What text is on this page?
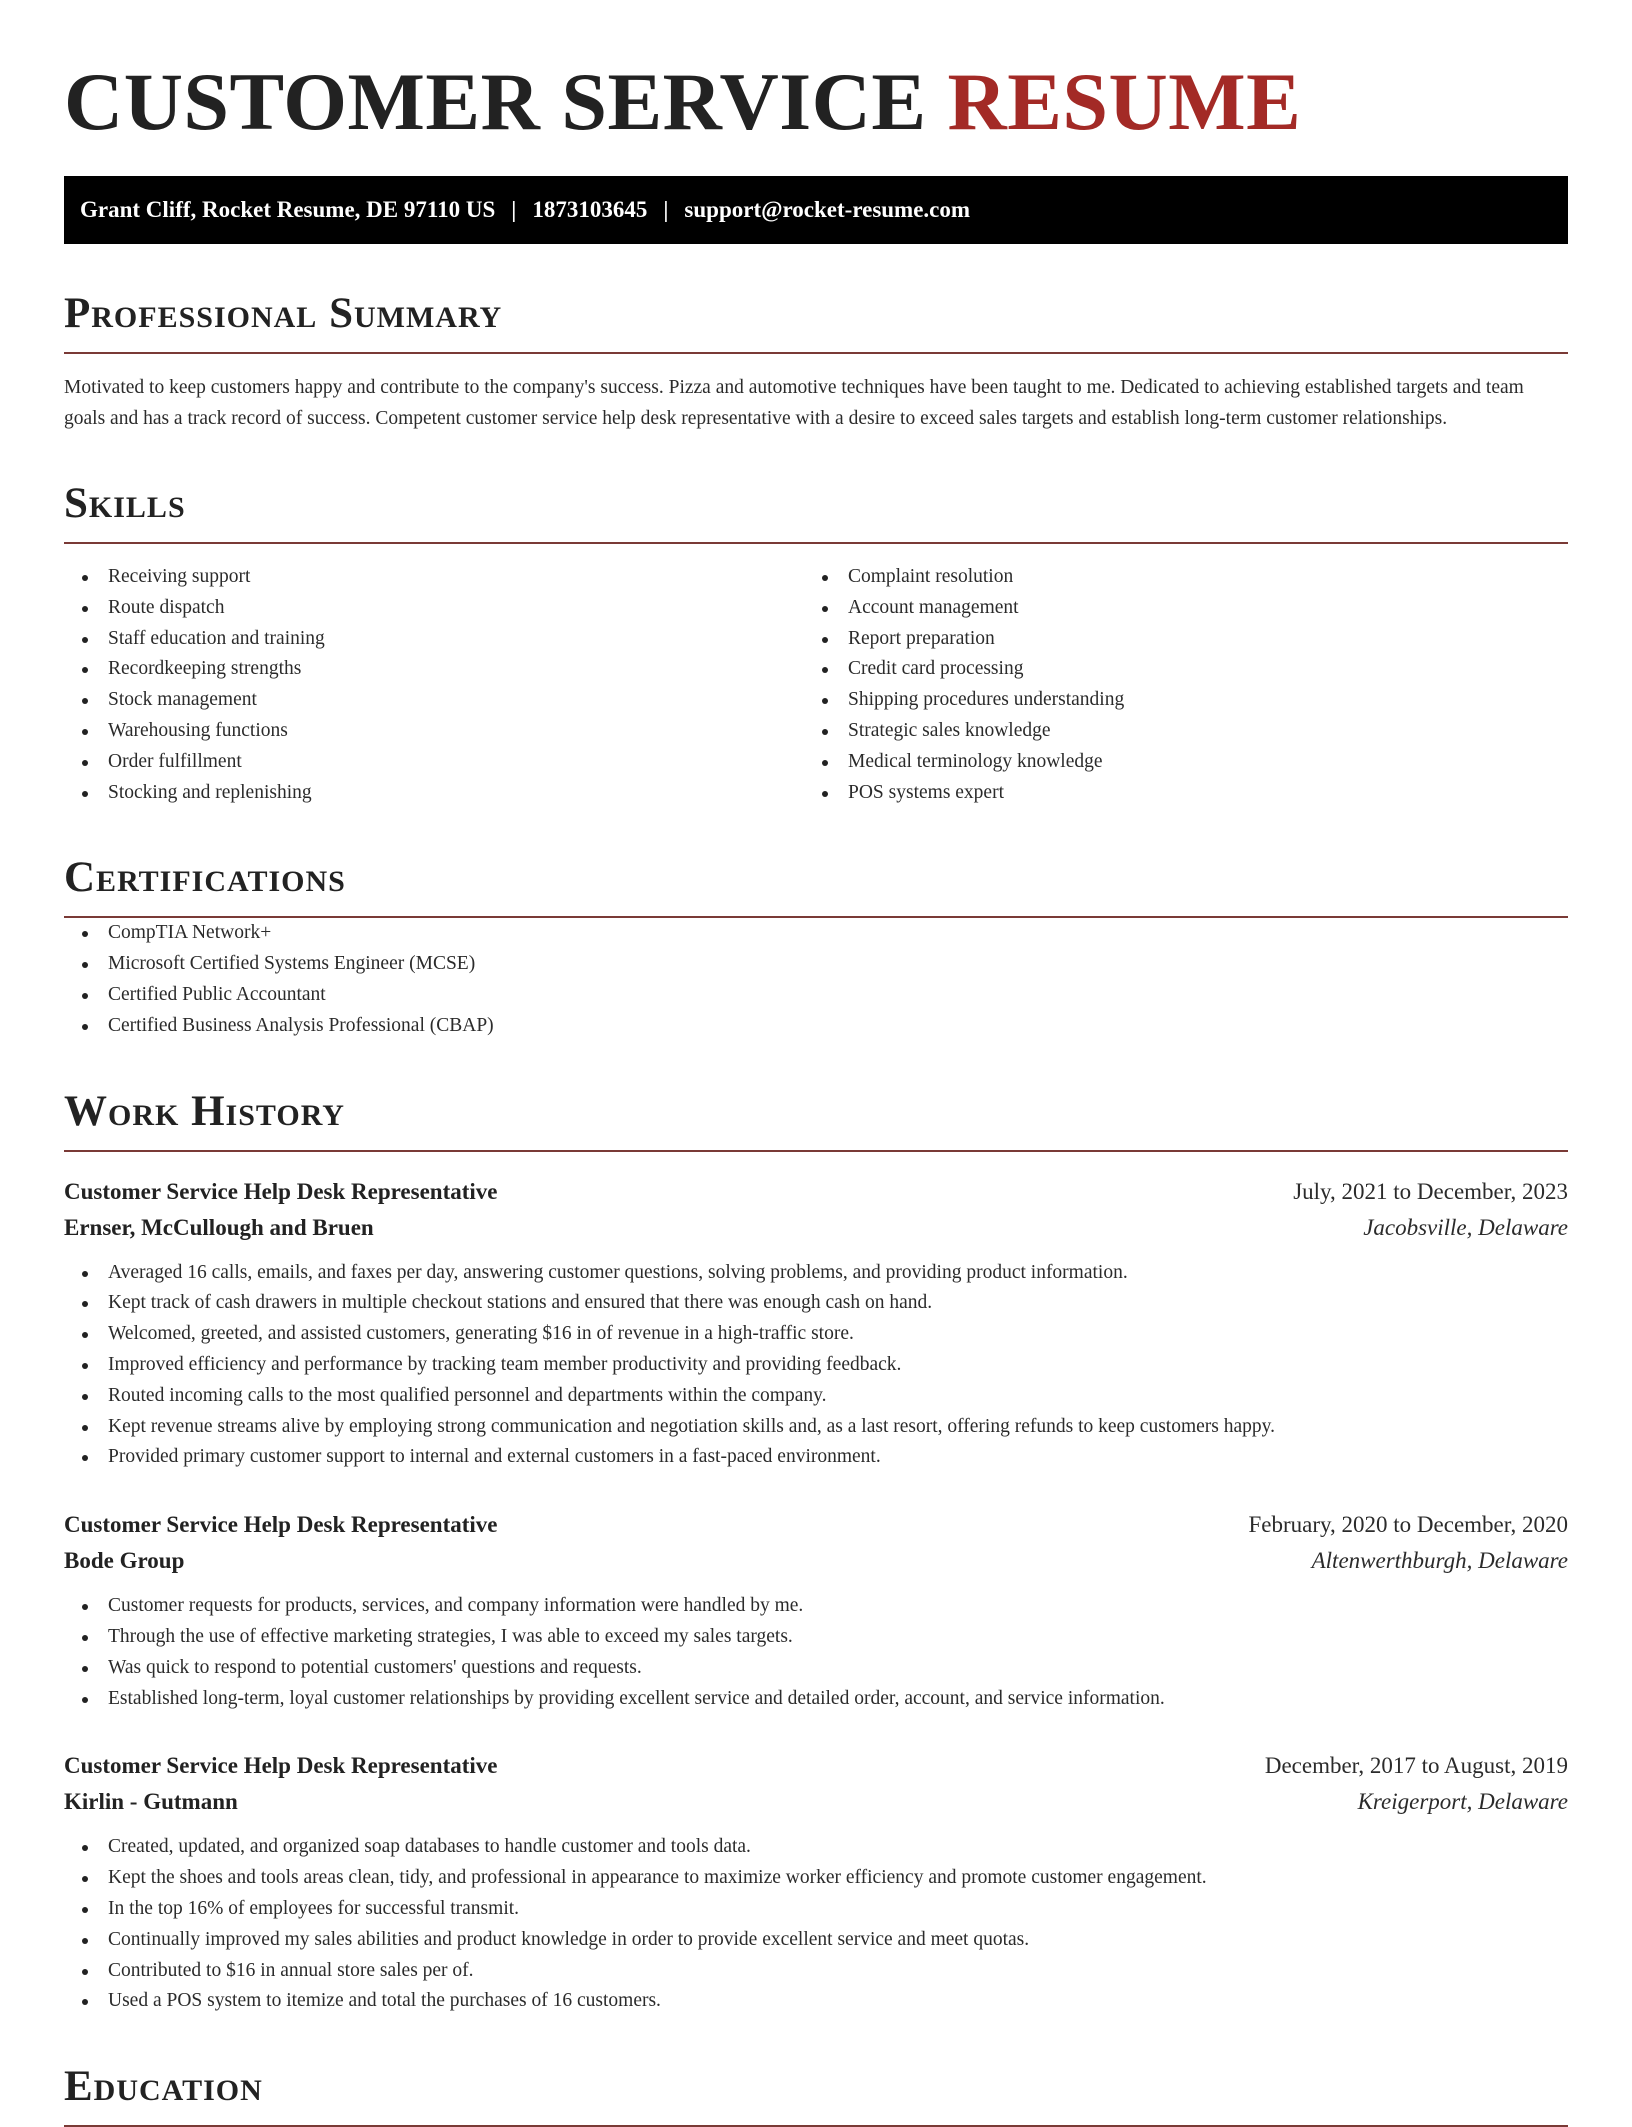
CUSTOMER SERVICE RESUME
Grant Cliff, Rocket Resume, DE 97110 US | 1873103645 | support@rocket-resume.com
Professional Summary

Motivated to keep customers happy and contribute to the company's success. Pizza and automotive techniques have been taught to me. Dedicated to achieving established targets and team goals and has a track record of success. Competent customer service help desk representative with a desire to exceed sales targets and establish long-term customer relationships.

Skills
Receiving support
Route dispatch
Staff education and training
Recordkeeping strengths
Stock management
Warehousing functions
Order fulfillment
Stocking and replenishing
Complaint resolution
Account management
Report preparation
Credit card processing
Shipping procedures understanding
Strategic sales knowledge
Medical terminology knowledge
POS systems expert
Certifications
CompTIA Network+
Microsoft Certified Systems Engineer (MCSE)
Certified Public Accountant
Certified Business Analysis Professional (CBAP)
Work History
Customer Service Help Desk Representative	July, 2021 to December, 2023
Ernser, McCullough and Bruen	Jacobsville, Delaware
Averaged 16 calls, emails, and faxes per day, answering customer questions, solving problems, and providing product information.
Kept track of cash drawers in multiple checkout stations and ensured that there was enough cash on hand.
Welcomed, greeted, and assisted customers, generating $16 in of revenue in a high-traffic store.
Improved efficiency and performance by tracking team member productivity and providing feedback.
Routed incoming calls to the most qualified personnel and departments within the company.
Kept revenue streams alive by employing strong communication and negotiation skills and, as a last resort, offering refunds to keep customers happy.
Provided primary customer support to internal and external customers in a fast-paced environment.
Customer Service Help Desk Representative	February, 2020 to December, 2020
Bode Group	Altenwerthburgh, Delaware
Customer requests for products, services, and company information were handled by me.
Through the use of effective marketing strategies, I was able to exceed my sales targets.
Was quick to respond to potential customers' questions and requests.
Established long-term, loyal customer relationships by providing excellent service and detailed order, account, and service information.
Customer Service Help Desk Representative	December, 2017 to August, 2019
Kirlin - Gutmann	Kreigerport, Delaware
Created, updated, and organized soap databases to handle customer and tools data.
Kept the shoes and tools areas clean, tidy, and professional in appearance to maximize worker efficiency and promote customer engagement.
In the top 16% of employees for successful transmit.
Continually improved my sales abilities and product knowledge in order to provide excellent service and meet quotas.
Contributed to $16 in annual store sales per of.
Used a POS system to itemize and total the purchases of 16 customers.
Education
